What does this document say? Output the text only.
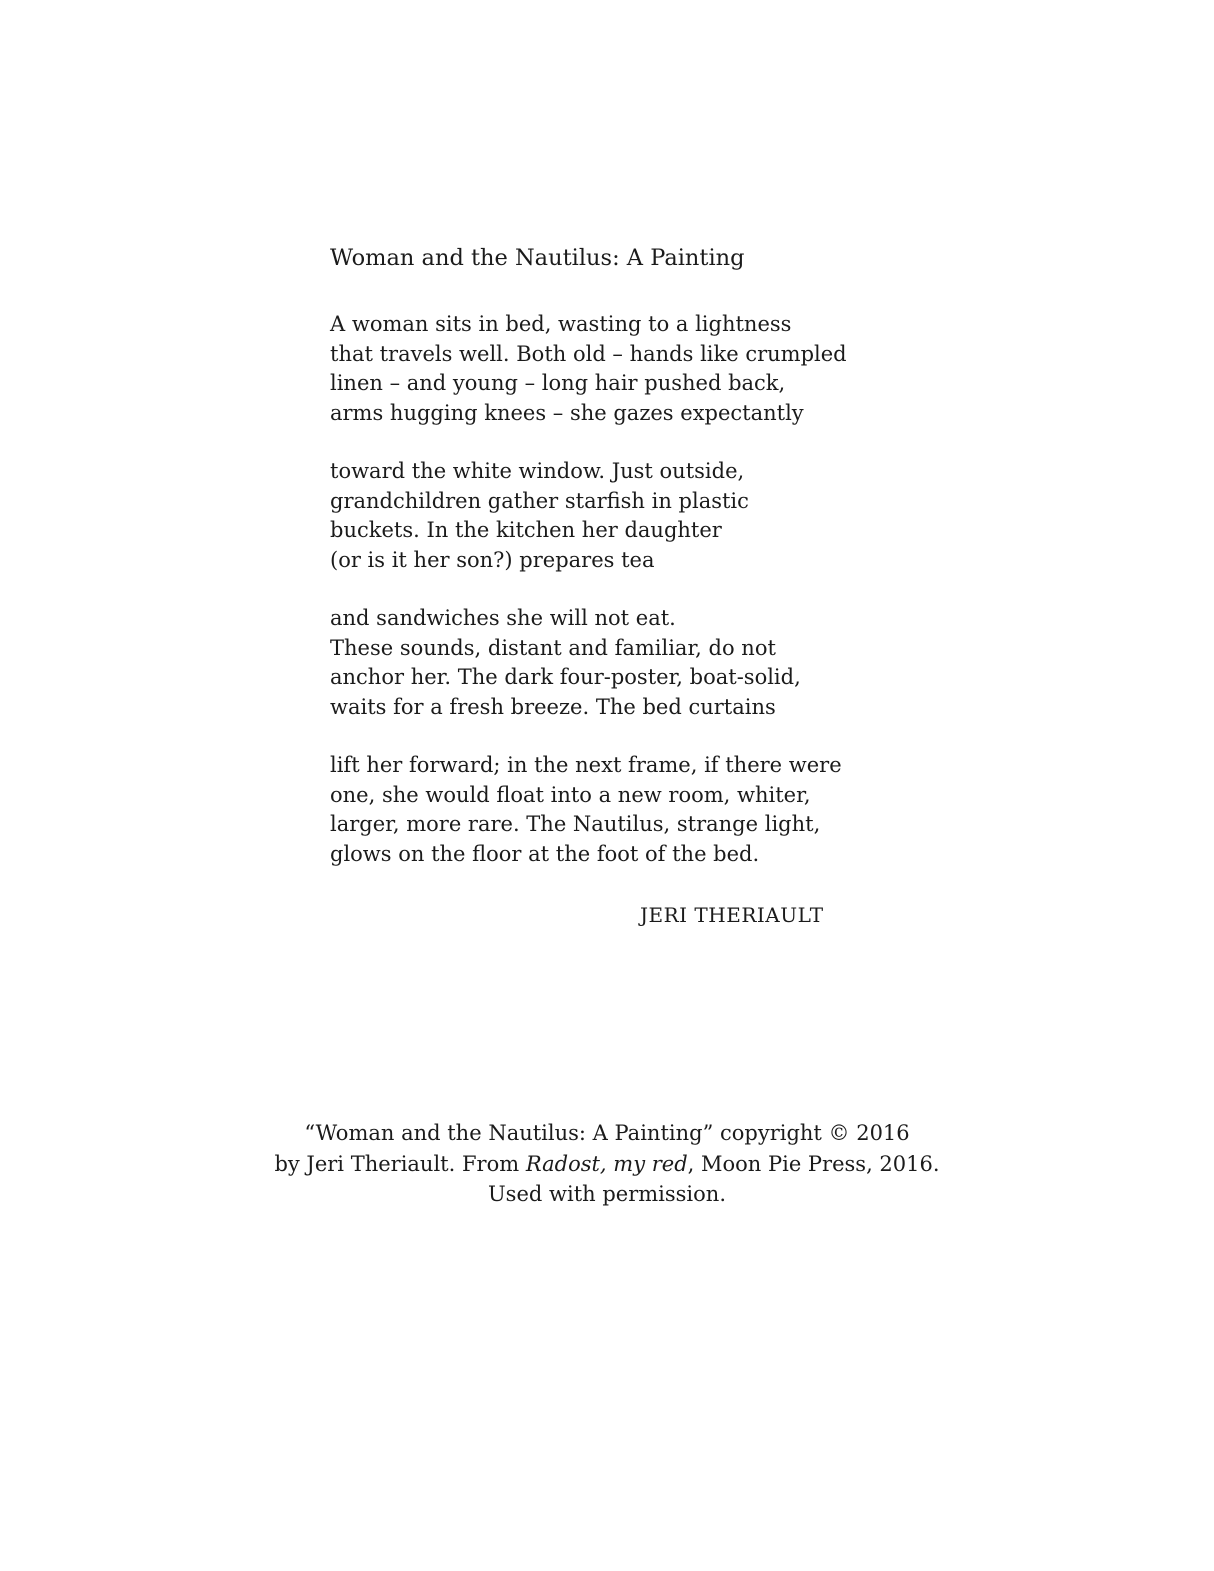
Woman and the Nautilus: A Painting
A woman sits in bed, wasting to a lightness
that travels well. Both old – hands like crumpled
linen – and young – long hair pushed back,
arms hugging knees – she gazes expectantly
toward the white window. Just outside,
grandchildren gather starfish in plastic
buckets. In the kitchen her daughter
(or is it her son?) prepares tea
and sandwiches she will not eat.
These sounds, distant and familiar, do not
anchor her. The dark four-poster, boat-solid,
waits for a fresh breeze. The bed curtains
lift her forward; in the next frame, if there were
one, she would float into a new room, whiter,
larger, more rare. The Nautilus, strange light,
glows on the floor at the foot of the bed.
JERI THERIAULT
“Woman and the Nautilus: A Painting” copyright © 2016
by Jeri Theriault. From Radost, my red, Moon Pie Press, 2016.
Used with permission.
